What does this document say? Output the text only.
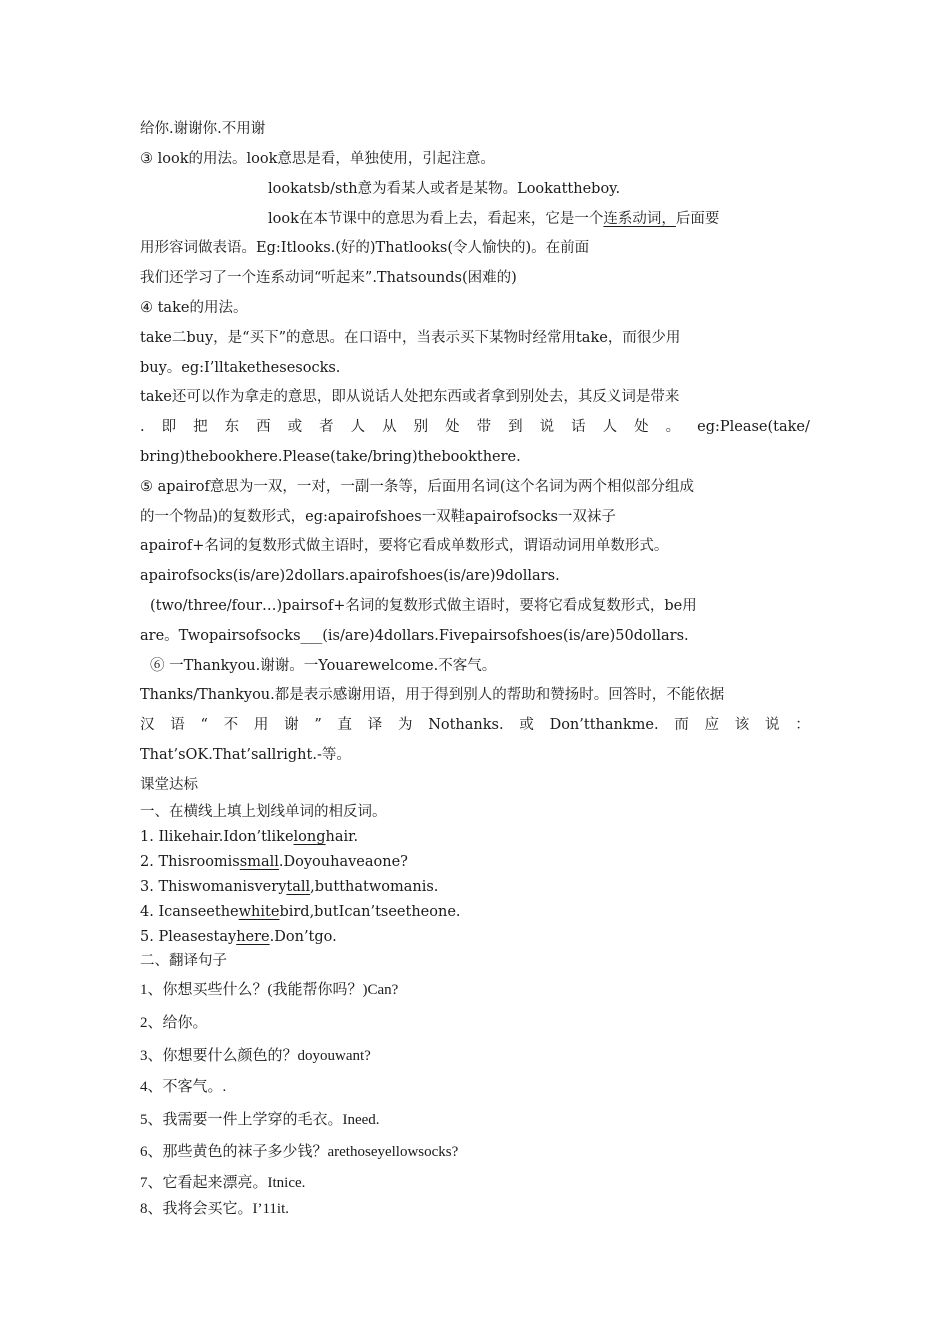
给你.谢谢你.不用谢
③ look的用法。look意思是看，单独使用，引起注意。
lookatsb/sth意为看某人或者是某物。Lookattheboy.
look在本节课中的意思为看上去，看起来，它是一个连系动词，后面要
用形容词做表语。Eg:Itlooks.(好的)Thatlooks(令人愉快的)。在前面
我们还学习了一个连系动词“听起来”.Thatsounds(困难的)
④ take的用法。
take二buy，是“买下”的意思。在口语中，当表示买下某物时经常用take，而很少用
buy。eg:I’lltakethesesocks.
take还可以作为拿走的意思，即从说话人处把东西或者拿到别处去，其反义词是带来
. 即 把 东 西 或 者 人 从 别 处 带 到 说 话 人 处 。 eg:Please(take/
bring)thebookhere.Please(take/bring)thebookthere.
⑤ apairof意思为一双，一对，一副一条等，后面用名词(这个名词为两个相似部分组成
的一个物品)的复数形式，eg:apairofshoes一双鞋apairofsocks一双袜子
apairof+名词的复数形式做主语时，要将它看成单数形式，谓语动词用单数形式。
apairofsocks(is/are)2dollars.apairofshoes(is/are)9dollars.
(two/three/four…)pairsof+名词的复数形式做主语时，要将它看成复数形式，be用
are。Twopairsofsocks___(is/are)4dollars.Fivepairsofshoes(is/are)50dollars.
⑥ 一Thankyou.谢谢。一Youarewelcome.不客气。
Thanks/Thankyou.都是表示感谢用语，用于得到别人的帮助和赞扬时。回答时，不能依据
汉 语 “ 不 用 谢 ” 直 译 为 Nothanks. 或 Don’tthankme. 而 应 该 说 ：
That’sOK.That’sallright.-等。
课堂达标
一、在横线上填上划线单词的相反词。
1. Ilikehair.Idon’tlikelonghair.
2. Thisroomissmall.Doyouhaveaone?
3. Thiswomanisverytall,butthatwomanis.
4. Icanseethewhitebird,butIcan’tseetheone.
5. Pleasestayhere.Don’tgo.
二、翻译句子
1、你想买些什么？(我能帮你吗？)Can?
2、给你。
3、你想要什么颜色的？doyouwant?
4、不客气。.
5、我需要一件上学穿的毛衣。Ineed.
6、那些黄色的袜子多少钱？arethoseyellowsocks?
7、它看起来漂亮。Itnice.
8、我将会买它。I’11it.
